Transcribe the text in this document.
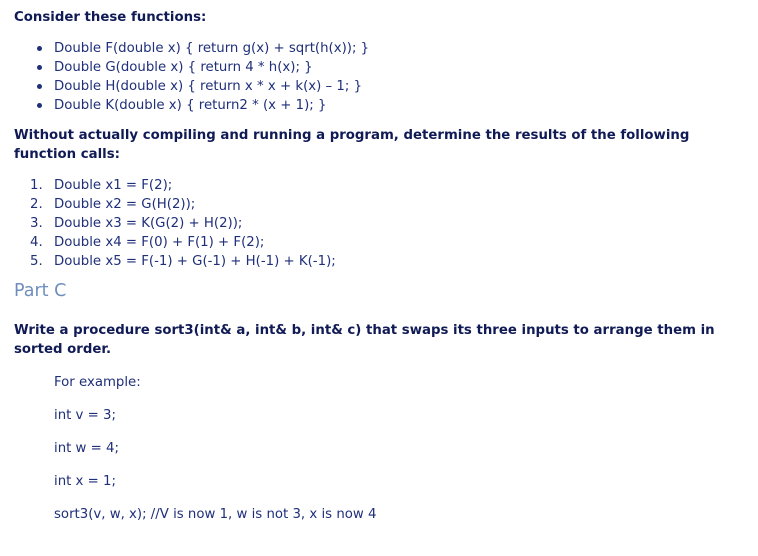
Consider these functions:

Double F(double x) { return g(x) + sqrt(h(x)); }
Double G(double x) { return 4 * h(x); }
Double H(double x) { return x * x + k(x) – 1; }
Double K(double x) { return2 * (x + 1); }

Without actually compiling and running a program, determine the results of the following function calls:

1. Double x1 = F(2);
2. Double x2 = G(H(2));
3. Double x3 = K(G(2) + H(2));
4. Double x4 = F(0) + F(1) + F(2);
5. Double x5 = F(-1) + G(-1) + H(-1) + K(-1);
Part C

Write a procedure sort3(int& a, int& b, int& c) that swaps its three inputs to arrange them in sorted order.

For example:
int v = 3;
int w = 4;
int x = 1;
sort3(v, w, x); //V is now 1, w is not 3, x is now 4
